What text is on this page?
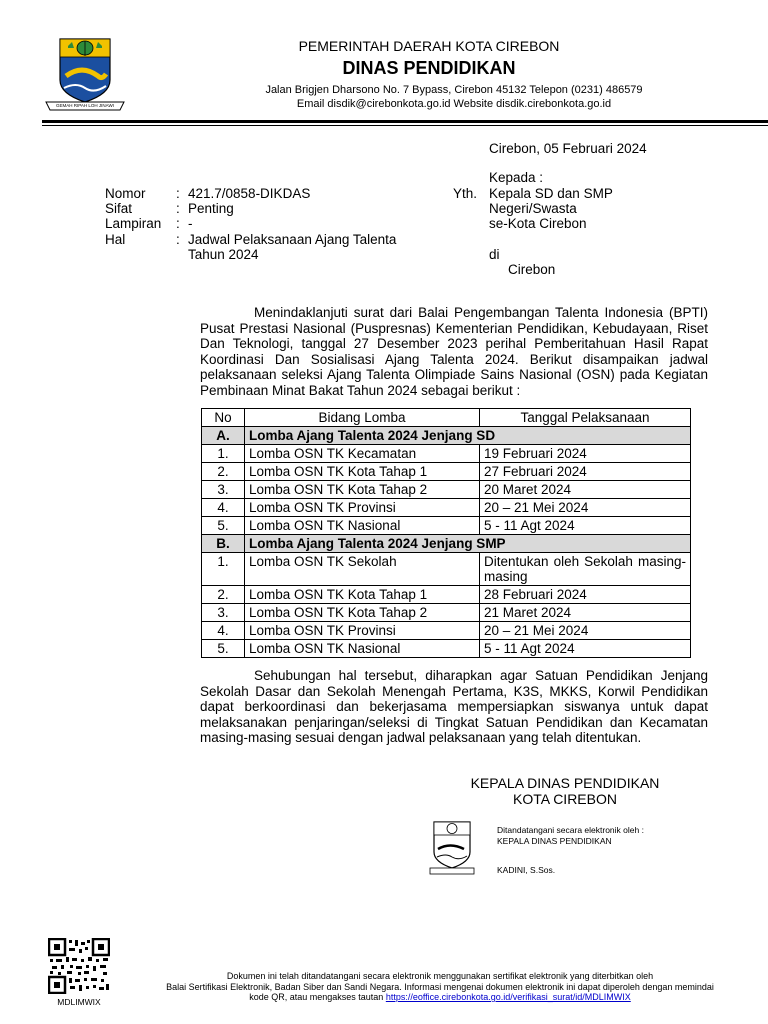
GEMAH RIPAH LOH JINAWI
PEMERINTAH DAERAH KOTA CIREBON
DINAS PENDIDIKAN
Jalan Brigjen Dharsono No. 7 Bypass, Cirebon 45132 Telepon (0231) 486579
Email disdik@cirebonkota.go.id Website disdik.cirebonkota.go.id
Cirebon, 05 Februari 2024
Kepada :
Yth. Kepala SD dan SMP
Negeri/Swasta
se-Kota Cirebon
di
Cirebon
Nomor	: 421.7/0858-DIKDAS
Sifat	: Penting
Lampiran	: -
Hal	: Jadwal Pelaksanaan Ajang Talenta
Tahun 2024
Menindaklanjuti surat dari Balai Pengembangan Talenta Indonesia (BPTI) Pusat Prestasi Nasional (Puspresnas) Kementerian Pendidikan, Kebudayaan, Riset Dan Teknologi, tanggal 27 Desember 2023 perihal Pemberitahuan Hasil Rapat Koordinasi Dan Sosialisasi Ajang Talenta 2024. Berikut disampaikan jadwal pelaksanaan seleksi Ajang Talenta Olimpiade Sains Nasional (OSN) pada Kegiatan Pembinaan Minat Bakat Tahun 2024 sebagai berikut :
No	Bidang Lomba	Tanggal Pelaksanaan
A.	Lomba Ajang Talenta 2024 Jenjang SD	
1.	Lomba OSN TK Kecamatan	19 Februari 2024
2.	Lomba OSN TK Kota Tahap 1	27 Februari 2024
3.	Lomba OSN TK Kota Tahap 2	20 Maret 2024
4.	Lomba OSN TK Provinsi	20 – 21 Mei 2024
5.	Lomba OSN TK Nasional	5 - 11 Agt 2024
B.	Lomba Ajang Talenta 2024 Jenjang SMP	
1.	Lomba OSN TK Sekolah	Ditentukan oleh Sekolah masing-masing
2.	Lomba OSN TK Kota Tahap 1	28 Februari 2024
3.	Lomba OSN TK Kota Tahap 2	21 Maret 2024
4.	Lomba OSN TK Provinsi	20 – 21 Mei 2024
5.	Lomba OSN TK Nasional	5 - 11 Agt 2024
Sehubungan hal tersebut, diharapkan agar Satuan Pendidikan Jenjang Sekolah Dasar dan Sekolah Menengah Pertama, K3S, MKKS, Korwil Pendidikan dapat berkoordinasi dan bekerjasama mempersiapkan siswanya untuk dapat melaksanakan penjaringan/seleksi di Tingkat Satuan Pendidikan dan Kecamatan masing-masing sesuai dengan jadwal pelaksanaan yang telah ditentukan.
KEPALA DINAS PENDIDIKAN
KOTA CIREBON
Ditandatangani secara elektronik oleh :
KEPALA DINAS PENDIDIKAN
KADINI, S.Sos.
MDLIMWIX
Dokumen ini telah ditandatangani secara elektronik menggunakan sertifikat elektronik yang diterbitkan oleh
Balai Sertifikasi Elektronik, Badan Siber dan Sandi Negara. Informasi mengenai dokumen elektronik ini dapat diperoleh dengan memindai
kode QR, atau mengakses tautan https://eoffice.cirebonkota.go.id/verifikasi_surat/id/MDLIMWIX
